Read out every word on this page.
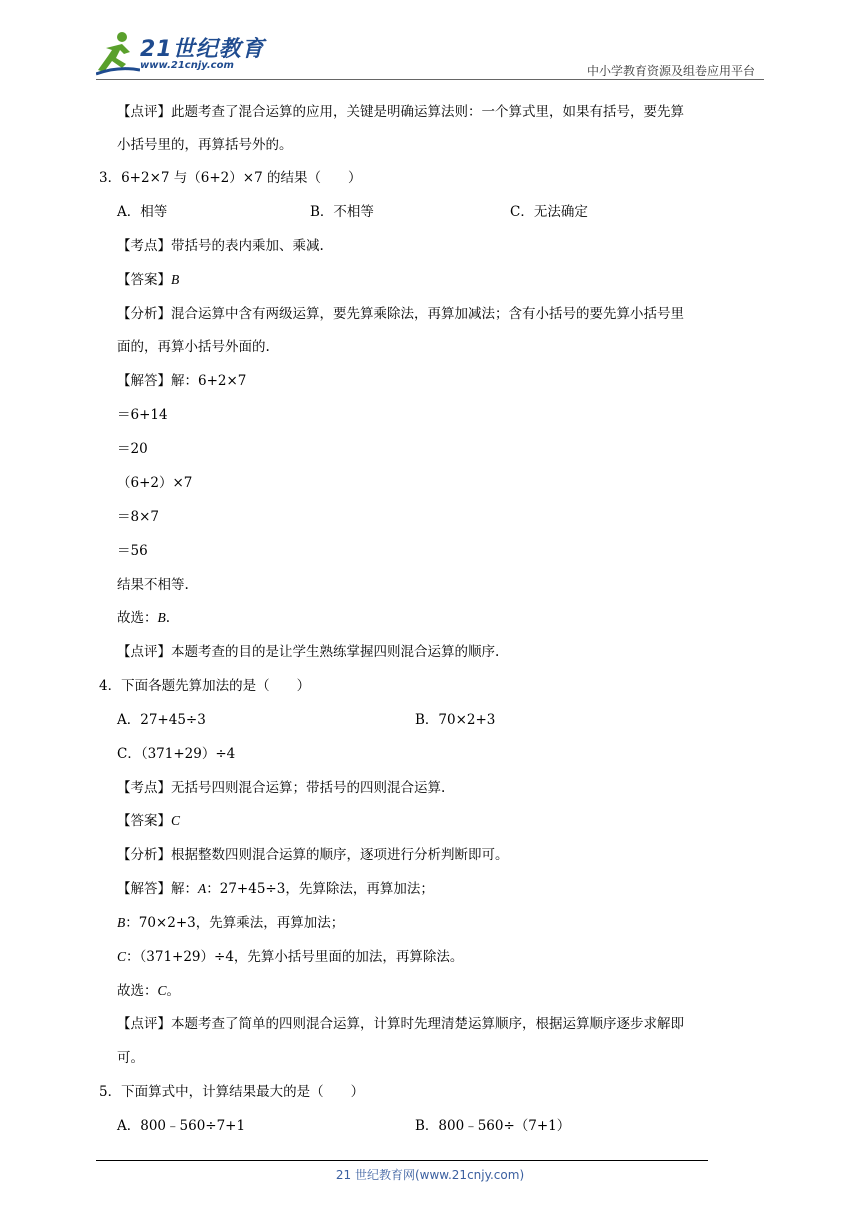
21世纪教育
www.21cnjy.com	中小学教育资源及组卷应用平台
【点评】此题考查了混合运算的应用，关键是明确运算法则：一个算式里，如果有括号，要先算
小括号里的，再算括号外的。
3．6+2×7 与（6+2）×7 的结果（　　）
A．相等	B．不相等	C．无法确定
【考点】带括号的表内乘加、乘减.
【答案】B
【分析】混合运算中含有两级运算，要先算乘除法，再算加减法；含有小括号的要先算小括号里
面的，再算小括号外面的.
【解答】解：6+2×7
＝6+14
＝20
（6+2）×7
＝8×7
＝56
结果不相等.
故选：B.
【点评】本题考查的目的是让学生熟练掌握四则混合运算的顺序.
4．下面各题先算加法的是（　　）
A．27+45÷3	B．70×2+3
C．（371+29）÷4
【考点】无括号四则混合运算；带括号的四则混合运算.
【答案】C
【分析】根据整数四则混合运算的顺序，逐项进行分析判断即可。
【解答】解：A：27+45÷3，先算除法，再算加法；
B：70×2+3，先算乘法，再算加法；
C：（371+29）÷4，先算小括号里面的加法，再算除法。
故选：C。
【点评】本题考查了简单的四则混合运算，计算时先理清楚运算顺序，根据运算顺序逐步求解即
可。
5．下面算式中，计算结果最大的是（　　）
A．800﹣560÷7+1	B．800﹣560÷（7+1）
21 世纪教育网(www.21cnjy.com)
